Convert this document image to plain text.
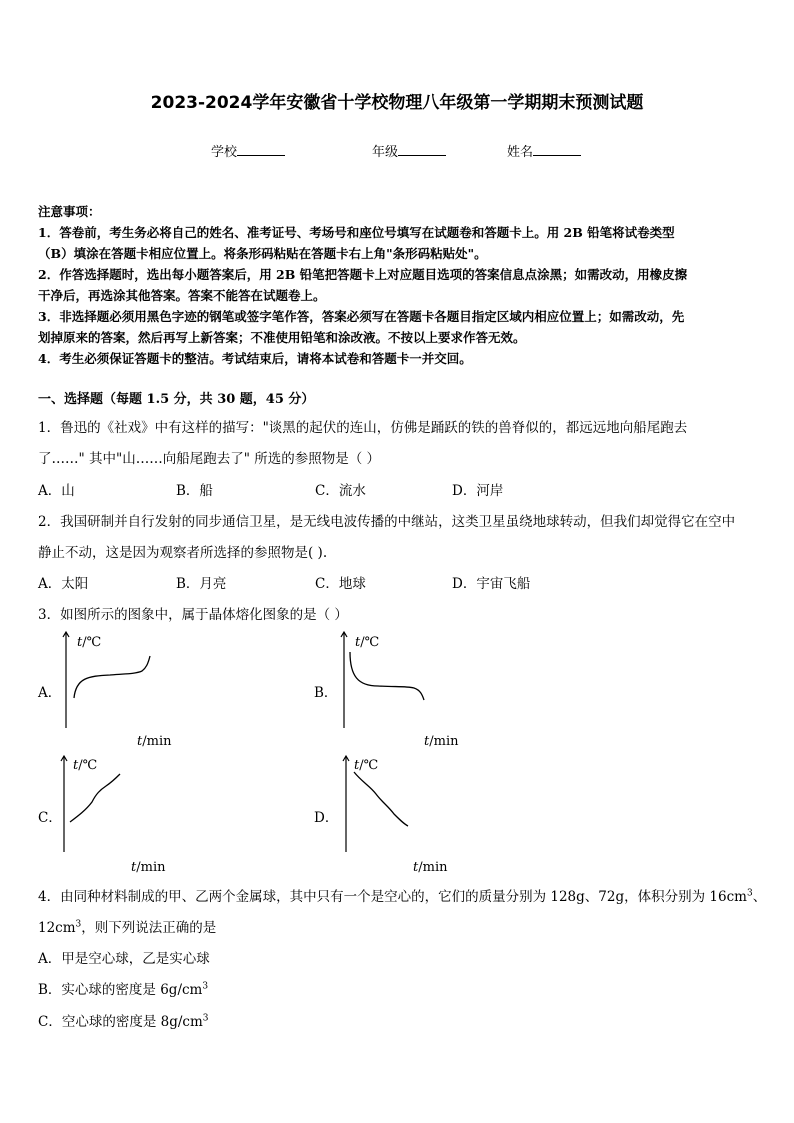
2023-2024学年安徽省十学校物理八年级第一学期期末预测试题
学校	年级	姓名
注意事项：
1．答卷前，考生务必将自己的姓名、准考证号、考场号和座位号填写在试题卷和答题卡上。用 2B 铅笔将试卷类型
（B）填涂在答题卡相应位置上。将条形码粘贴在答题卡右上角"条形码粘贴处"。
2．作答选择题时，选出每小题答案后，用 2B 铅笔把答题卡上对应题目选项的答案信息点涂黑；如需改动，用橡皮擦
干净后，再选涂其他答案。答案不能答在试题卷上。
3．非选择题必须用黑色字迹的钢笔或签字笔作答，答案必须写在答题卡各题目指定区域内相应位置上；如需改动，先
划掉原来的答案，然后再写上新答案；不准使用铅笔和涂改液。不按以上要求作答无效。
4．考生必须保证答题卡的整洁。考试结束后，请将本试卷和答题卡一并交回。
一、选择题（每题 1.5 分，共 30 题，45 分）
1．鲁迅的《社戏》中有这样的描写："谈黑的起伏的连山，仿佛是踊跃的铁的兽脊似的，都远远地向船尾跑去
了……" 其中"山……向船尾跑去了" 所选的参照物是（ ）
A．山	B．船	C．流水	D．河岸
2．我国研制并自行发射的同步通信卫星，是无线电波传播的中继站，这类卫星虽绕地球转动，但我们却觉得它在空中
静止不动，这是因为观察者所选择的参照物是( ).
A．太阳	B．月亮	C．地球	D．宇宙飞船
3．如图所示的图象中，属于晶体熔化图象的是（ ）
A．
t/℃
t/min
B．
t/℃
t/min
C．
t/℃
t/min
D．
t/℃
t/min
4．由同种材料制成的甲、乙两个金属球，其中只有一个是空心的，它们的质量分别为 128g、72g，体积分别为 $16cm^3$、
$12cm^3$，则下列说法正确的是
A．甲是空心球，乙是实心球
B．实心球的密度是 $6g/cm^3$
C．空心球的密度是 $8g/cm^3$
